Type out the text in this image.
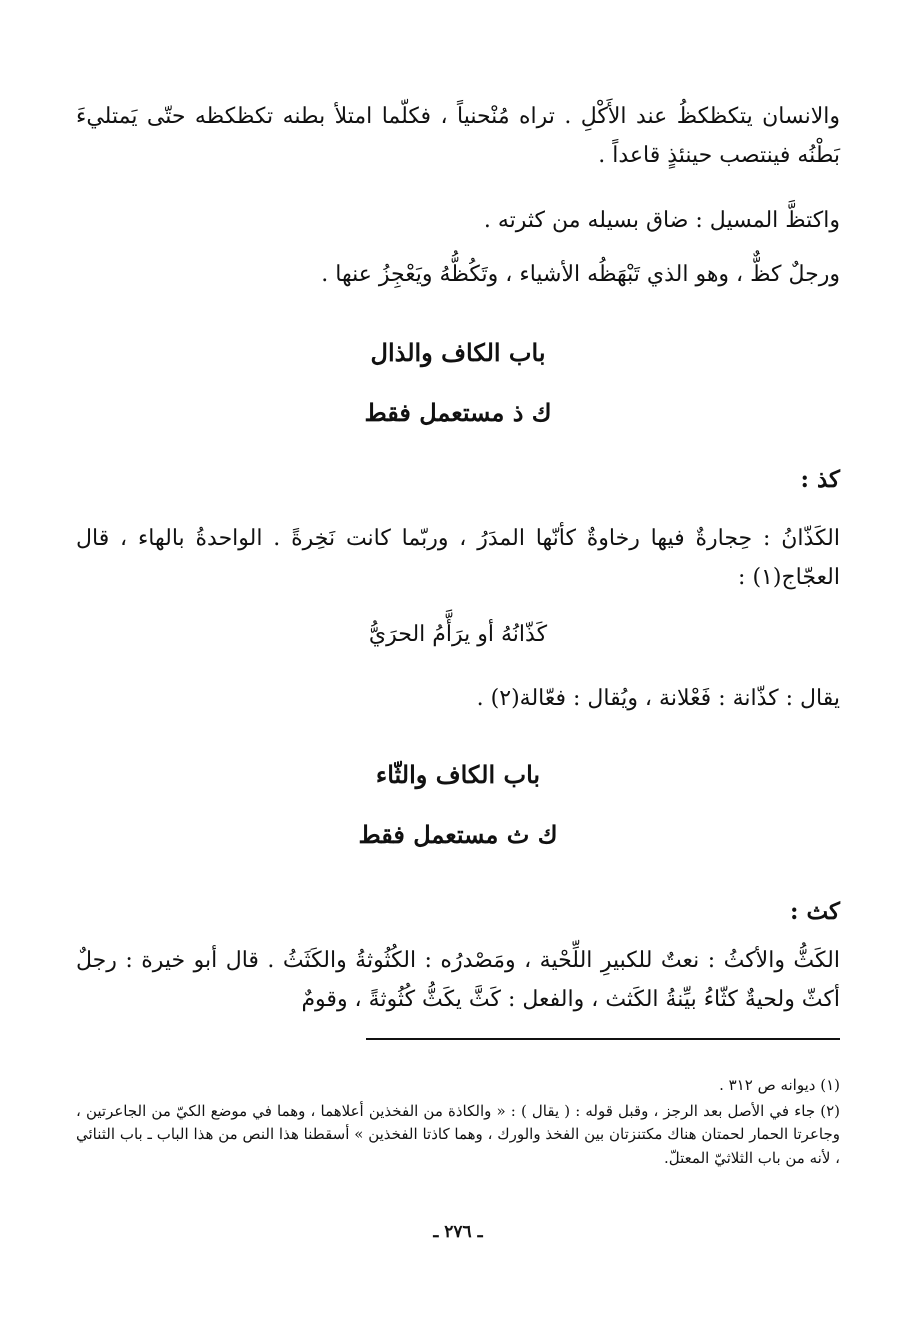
والانسان يتكظكظُ عند الأَكْلِ . تراه مُنْحنياً ، فكلّما امتلأ بطنه تكظكظه حتّى يَمتليءَ بَطْنُه فينتصب حينئذٍ قاعداً .

واكتظَّ المسيل : ضاق بسيله من كثرته .

ورجلٌ كظٌّ ، وهو الذي تَبْهَظُه الأشياء ، وتَكُظُّهُ ويَعْجِزُ عنها .

باب الكاف والذال

ك ذ مستعمل فقط

كذ :

الكَذّانُ : حِجارةٌ فيها رخاوةٌ كأنّها المدَرُ ، وربّما كانت نَخِرةً . الواحدةُ بالهاء ، قال العجّاج(١) :

كَذّانُهُ أو يرَأَّمُ الحرَيُّ

يقال : كذّانة : فَعْلانة ، ويُقال : فعّالة(٢) .

باب الكاف والثّاء

ك ث مستعمل فقط

كث :

الكَثُّ والأكثُ : نعتٌ للكبيرِ اللِّحْية ، ومَصْدرُه : الكُثُوثةُ والكَثَثُ . قال أبو خيرة : رجلٌ أكثّ ولحيةٌ كثّاءُ بيِّنةُ الكَثث ، والفعل : كَثَّ يكَثُّ كُثُوثةً ، وقومٌ

(١) ديوانه ص ٣١٢ .

(٢) جاء في الأصل بعد الرجز ، وقبل قوله : ( يقال ) : « والكاذة من الفخذين أعلاهما ، وهما في موضع الكيّ من الجاعرتين ، وجاعرتا الحمار لحمتان هناك مكتنزتان بين الفخذ والورك ، وهما كاذتا الفخذين » أسقطنا هذا النص من هذا الباب ـ باب الثنائي ، لأنه من باب الثلاثيّ المعتلّ.

ـ ٢٧٦ ـ
